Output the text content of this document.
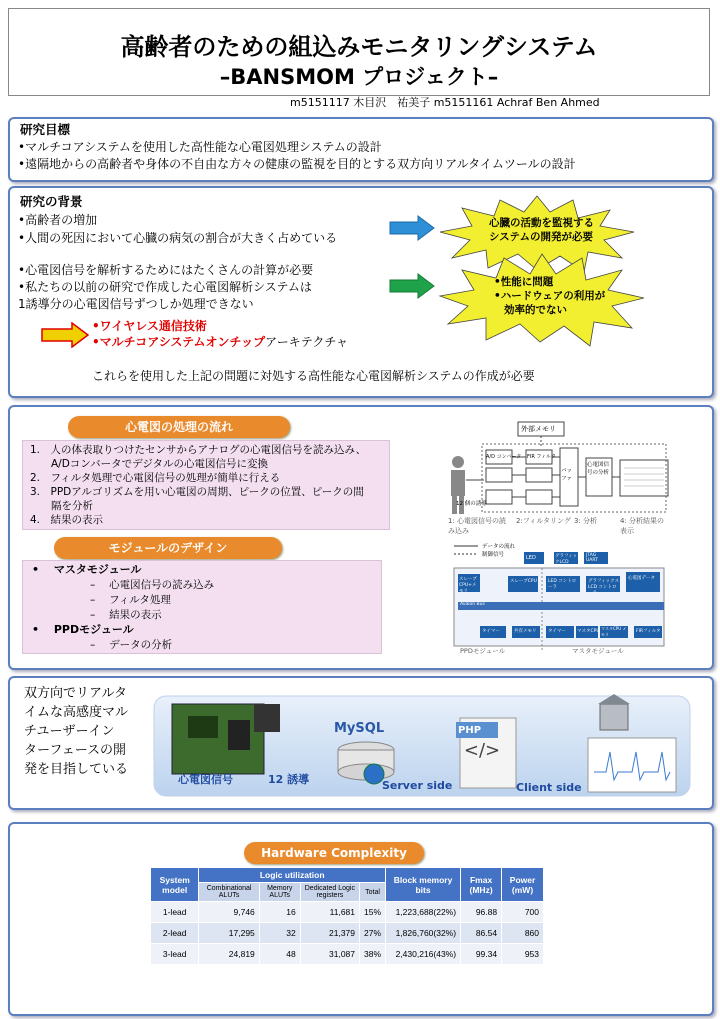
高齢者のための組込みモニタリングシステム
–BANSMOM プロジェクト–
m5151117 木目沢　祐美子 m5151161 Achraf Ben Ahmed
研究目標
•マルチコアシステムを使用した高性能な心電図処理システムの設計
•遠隔地からの高齢者や身体の不自由な方々の健康の監視を目的とする双方向リアルタイムツールの設計
研究の背景
•高齢者の増加
•人間の死因において心臓の病気の割合が大きく占めている
•心電図信号を解析するためにはたくさんの計算が必要
•私たちの以前の研究で作成した心電図解析システムは
1誘導分の心電図信号ずつしか処理できない
•ワイヤレス通信技術
•マルチコアシステムオンチップアーキテクチャ
これらを使用した上記の問題に対処する高性能な心電図解析システムの作成が必要
心臓の活動を監視する
システムの開発が必要
•性能に問題
•ハードウェアの利用が
効率的でない
心電図の処理の流れ
1.　人の体表取りつけたセンサからアナログの心電図信号を読み込み、
　　A/Dコンバータでデジタルの心電図信号に変換
2.　フィルタ処理で心電図信号の処理が簡単に行える
3.　PPDアルゴリズムを用い心電図の周期、ピークの位置、ピークの間
　　隔を分析
4.　結果の表示
モジュールのデザイン
•　 マスタモジュール
–　 心電図信号の読み込み
–　 フィルタ処理
–　 結果の表示
•　 PPDモジュール
–　 データの分析
外部メモリ
心電図信号の分析
バッファ
A/D コンバータ FIR フィルタ
12 個の誘導
1: 心電図信号の読み込み
2:フィルタリング 3: 分析	4: 分析結果の表示
データの流れ
制御信号	LED	グラフィックLCD
JTAG UART
スレーブCPU+メモリ
スレーブCPU LED コントローラ
グラフィックスLCD コントローラ
心電図データ
Avalon Bus
タイマー	共有メモリ	タイマー マスタCPU
マスタCPU メモリ
FIRフィルタ
PPDモジュール	マスタモジュール
双方向でリアルタ
イムな高感度マル
チユーザーイン
ターフェースの開
発を目指している
</>
MySQL	PHP
心電図信号	12 誘導	Server side	Client side
Hardware Complexity
System model	Logic utilization				Block memory bits	Fmax (MHz)	Power (mW)
	Combinational ALUTs	Memory ALUTs	Dedicated Logic registers	Total			
1-lead	9,746	16	11,681	15%	1,223,688(22%)	96.88	700
2-lead	17,295	32	21,379	27%	1,826,760(32%)	86.54	860
3-lead	24,819	48	31,087	38%	2,430,216(43%)	99.34	953
